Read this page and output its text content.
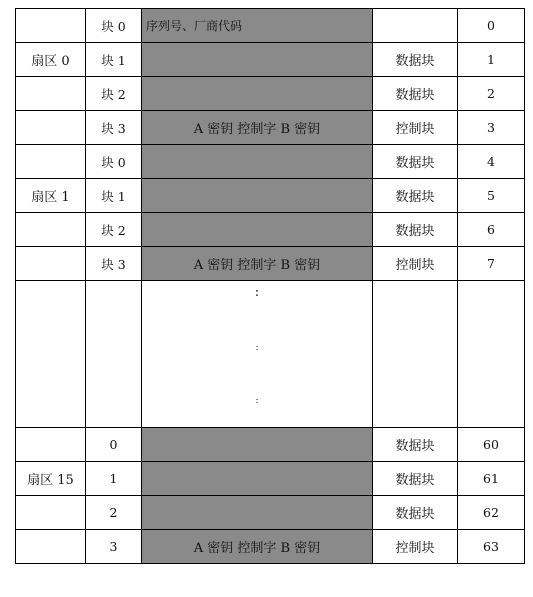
	块 0	序列号、厂商代码		0
扇区 0	块 1		数据块	1
	块 2		数据块	2
	块 3	A 密钥 控制字 B 密钥	控制块	3
	块 0		数据块	4
扇区 1	块 1		数据块	5
	块 2		数据块	6
	块 3	A 密钥 控制字 B 密钥	控制块	7

		:
:
:		

	0		数据块	60
扇区 15	1		数据块	61
	2		数据块	62
	3	A 密钥 控制字 B 密钥	控制块	63
